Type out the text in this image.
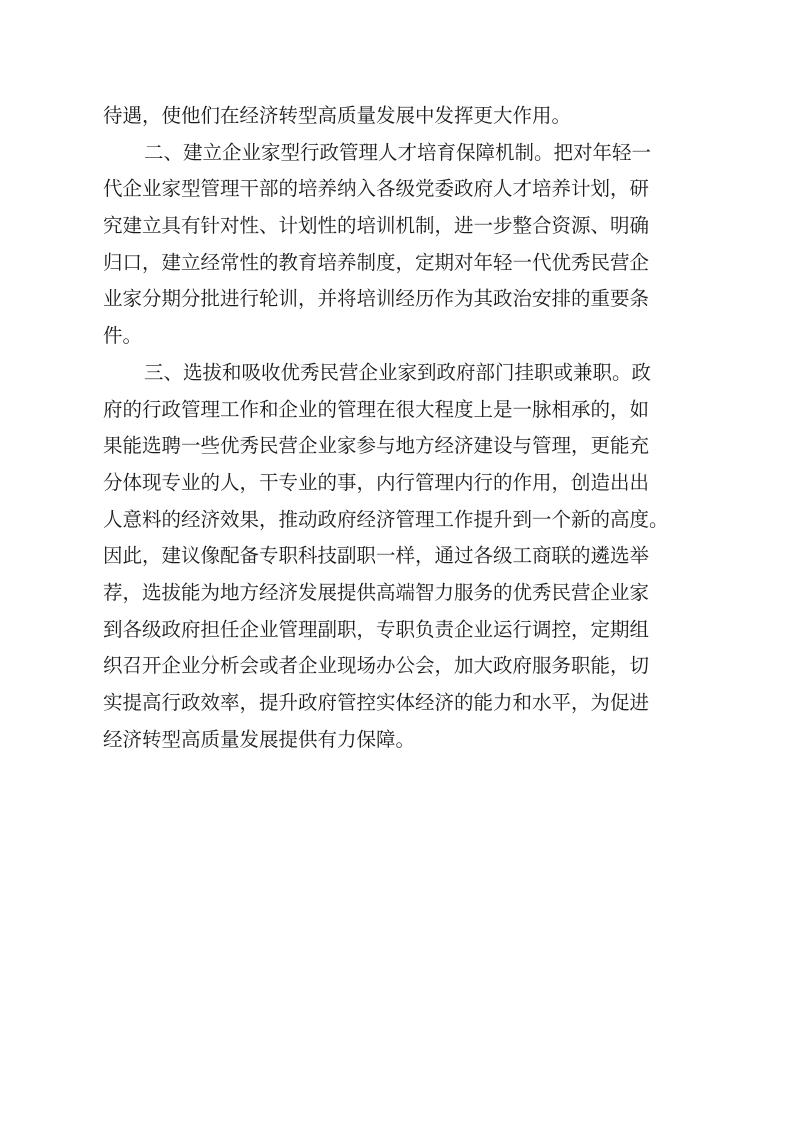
待遇，使他们在经济转型高质量发展中发挥更大作用。
二、建立企业家型行政管理人才培育保障机制。把对年轻一
代企业家型管理干部的培养纳入各级党委政府人才培养计划，研
究建立具有针对性、计划性的培训机制，进一步整合资源、明确
归口，建立经常性的教育培养制度，定期对年轻一代优秀民营企
业家分期分批进行轮训，并将培训经历作为其政治安排的重要条
件。
三、选拔和吸收优秀民营企业家到政府部门挂职或兼职。政
府的行政管理工作和企业的管理在很大程度上是一脉相承的，如
果能选聘一些优秀民营企业家参与地方经济建设与管理，更能充
分体现专业的人，干专业的事，内行管理内行的作用，创造出出
人意料的经济效果，推动政府经济管理工作提升到一个新的高度。
因此，建议像配备专职科技副职一样，通过各级工商联的遴选举
荐，选拔能为地方经济发展提供高端智力服务的优秀民营企业家
到各级政府担任企业管理副职，专职负责企业运行调控，定期组
织召开企业分析会或者企业现场办公会，加大政府服务职能，切
实提高行政效率，提升政府管控实体经济的能力和水平，为促进
经济转型高质量发展提供有力保障。
